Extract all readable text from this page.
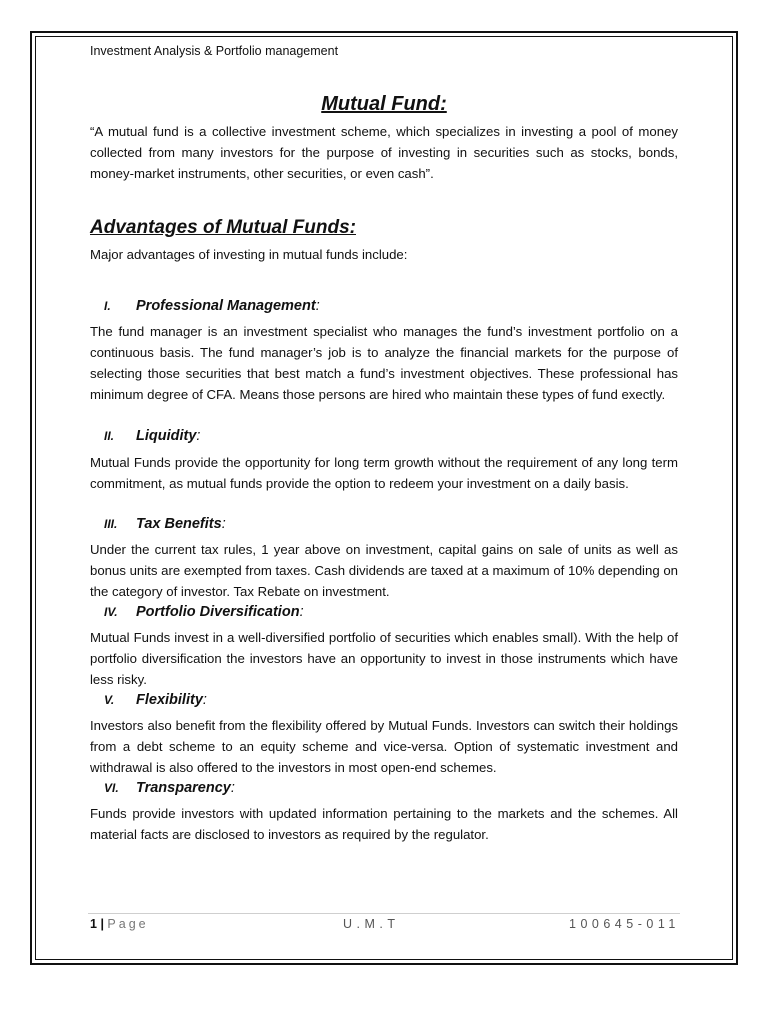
Investment Analysis & Portfolio management
Mutual Fund:

“A mutual fund is a collective investment scheme, which specializes in investing a pool of money collected from many investors for the purpose of investing in securities such as stocks, bonds, money-market instruments, other securities, or even cash”.

Advantages of Mutual Funds:

Major advantages of investing in mutual funds include:

I. Professional Management:

The fund manager is an investment specialist who manages the fund’s investment portfolio on a continuous basis. The fund manager’s job is to analyze the financial markets for the purpose of selecting those securities that best match a fund’s investment objectives. These professional has minimum degree of CFA. Means those persons are hired who maintain these types of fund exectly.

II. Liquidity:

Mutual Funds provide the opportunity for long term growth without the requirement of any long term commitment, as mutual funds provide the option to redeem your investment on a daily basis.

III. Tax Benefits:

Under the current tax rules, 1 year above on investment, capital gains on sale of units as well as bonus units are exempted from taxes. Cash dividends are taxed at a maximum of 10% depending on the category of investor. Tax Rebate on investment.

IV. Portfolio Diversification:

Mutual Funds invest in a well-diversified portfolio of securities which enables small). With the help of portfolio diversification the investors have an opportunity to invest in those instruments which have less risky.

V. Flexibility:

Investors also benefit from the flexibility offered by Mutual Funds. Investors can switch their holdings from a debt scheme to an equity scheme and vice-versa. Option of systematic investment and withdrawal is also offered to the investors in most open-end schemes.

VI. Transparency:

Funds provide investors with updated information pertaining to the markets and the schemes. All material facts are disclosed to investors as required by the regulator.

1 | Page	U.M.T	100645-011
